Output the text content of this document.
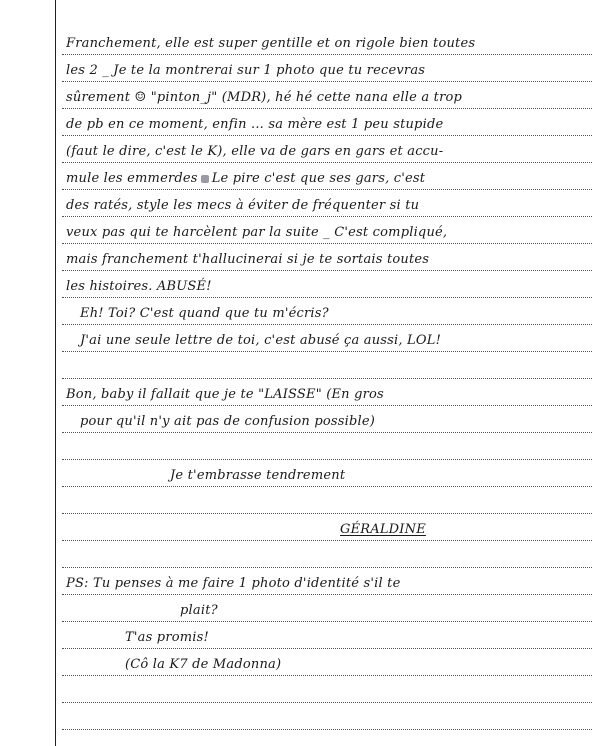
Franchement, elle est super gentille et on rigole bien toutes
les 2 _ Je te la montrerai sur 1 photo que tu recevras
sûrement ☺ "pinton_j" (MDR), hé hé cette nana elle a trop
de pb en ce moment, enfin ... sa mère est 1 peu stupide
(faut le dire, c'est le K), elle va de gars en gars et accu-
mule les emmerdes Le pire c'est que ses gars, c'est
des ratés, style les mecs à éviter de fréquenter si tu
veux pas qui te harcèlent par la suite _ C'est compliqué,
mais franchement t'hallucinerai si je te sortais toutes
les histoires. ABUSÉ!
Eh! Toi? C'est quand que tu m'écris?
J'ai une seule lettre de toi, c'est abusé ça aussi, LOL!
Bon, baby il fallait que je te "LAISSE" (En gros
pour qu'il n'y ait pas de confusion possible)
Je t'embrasse tendrement
GÉRALDINE
PS: Tu penses à me faire 1 photo d'identité s'il te
plait?
T'as promis!
(Cô la K7 de Madonna)
